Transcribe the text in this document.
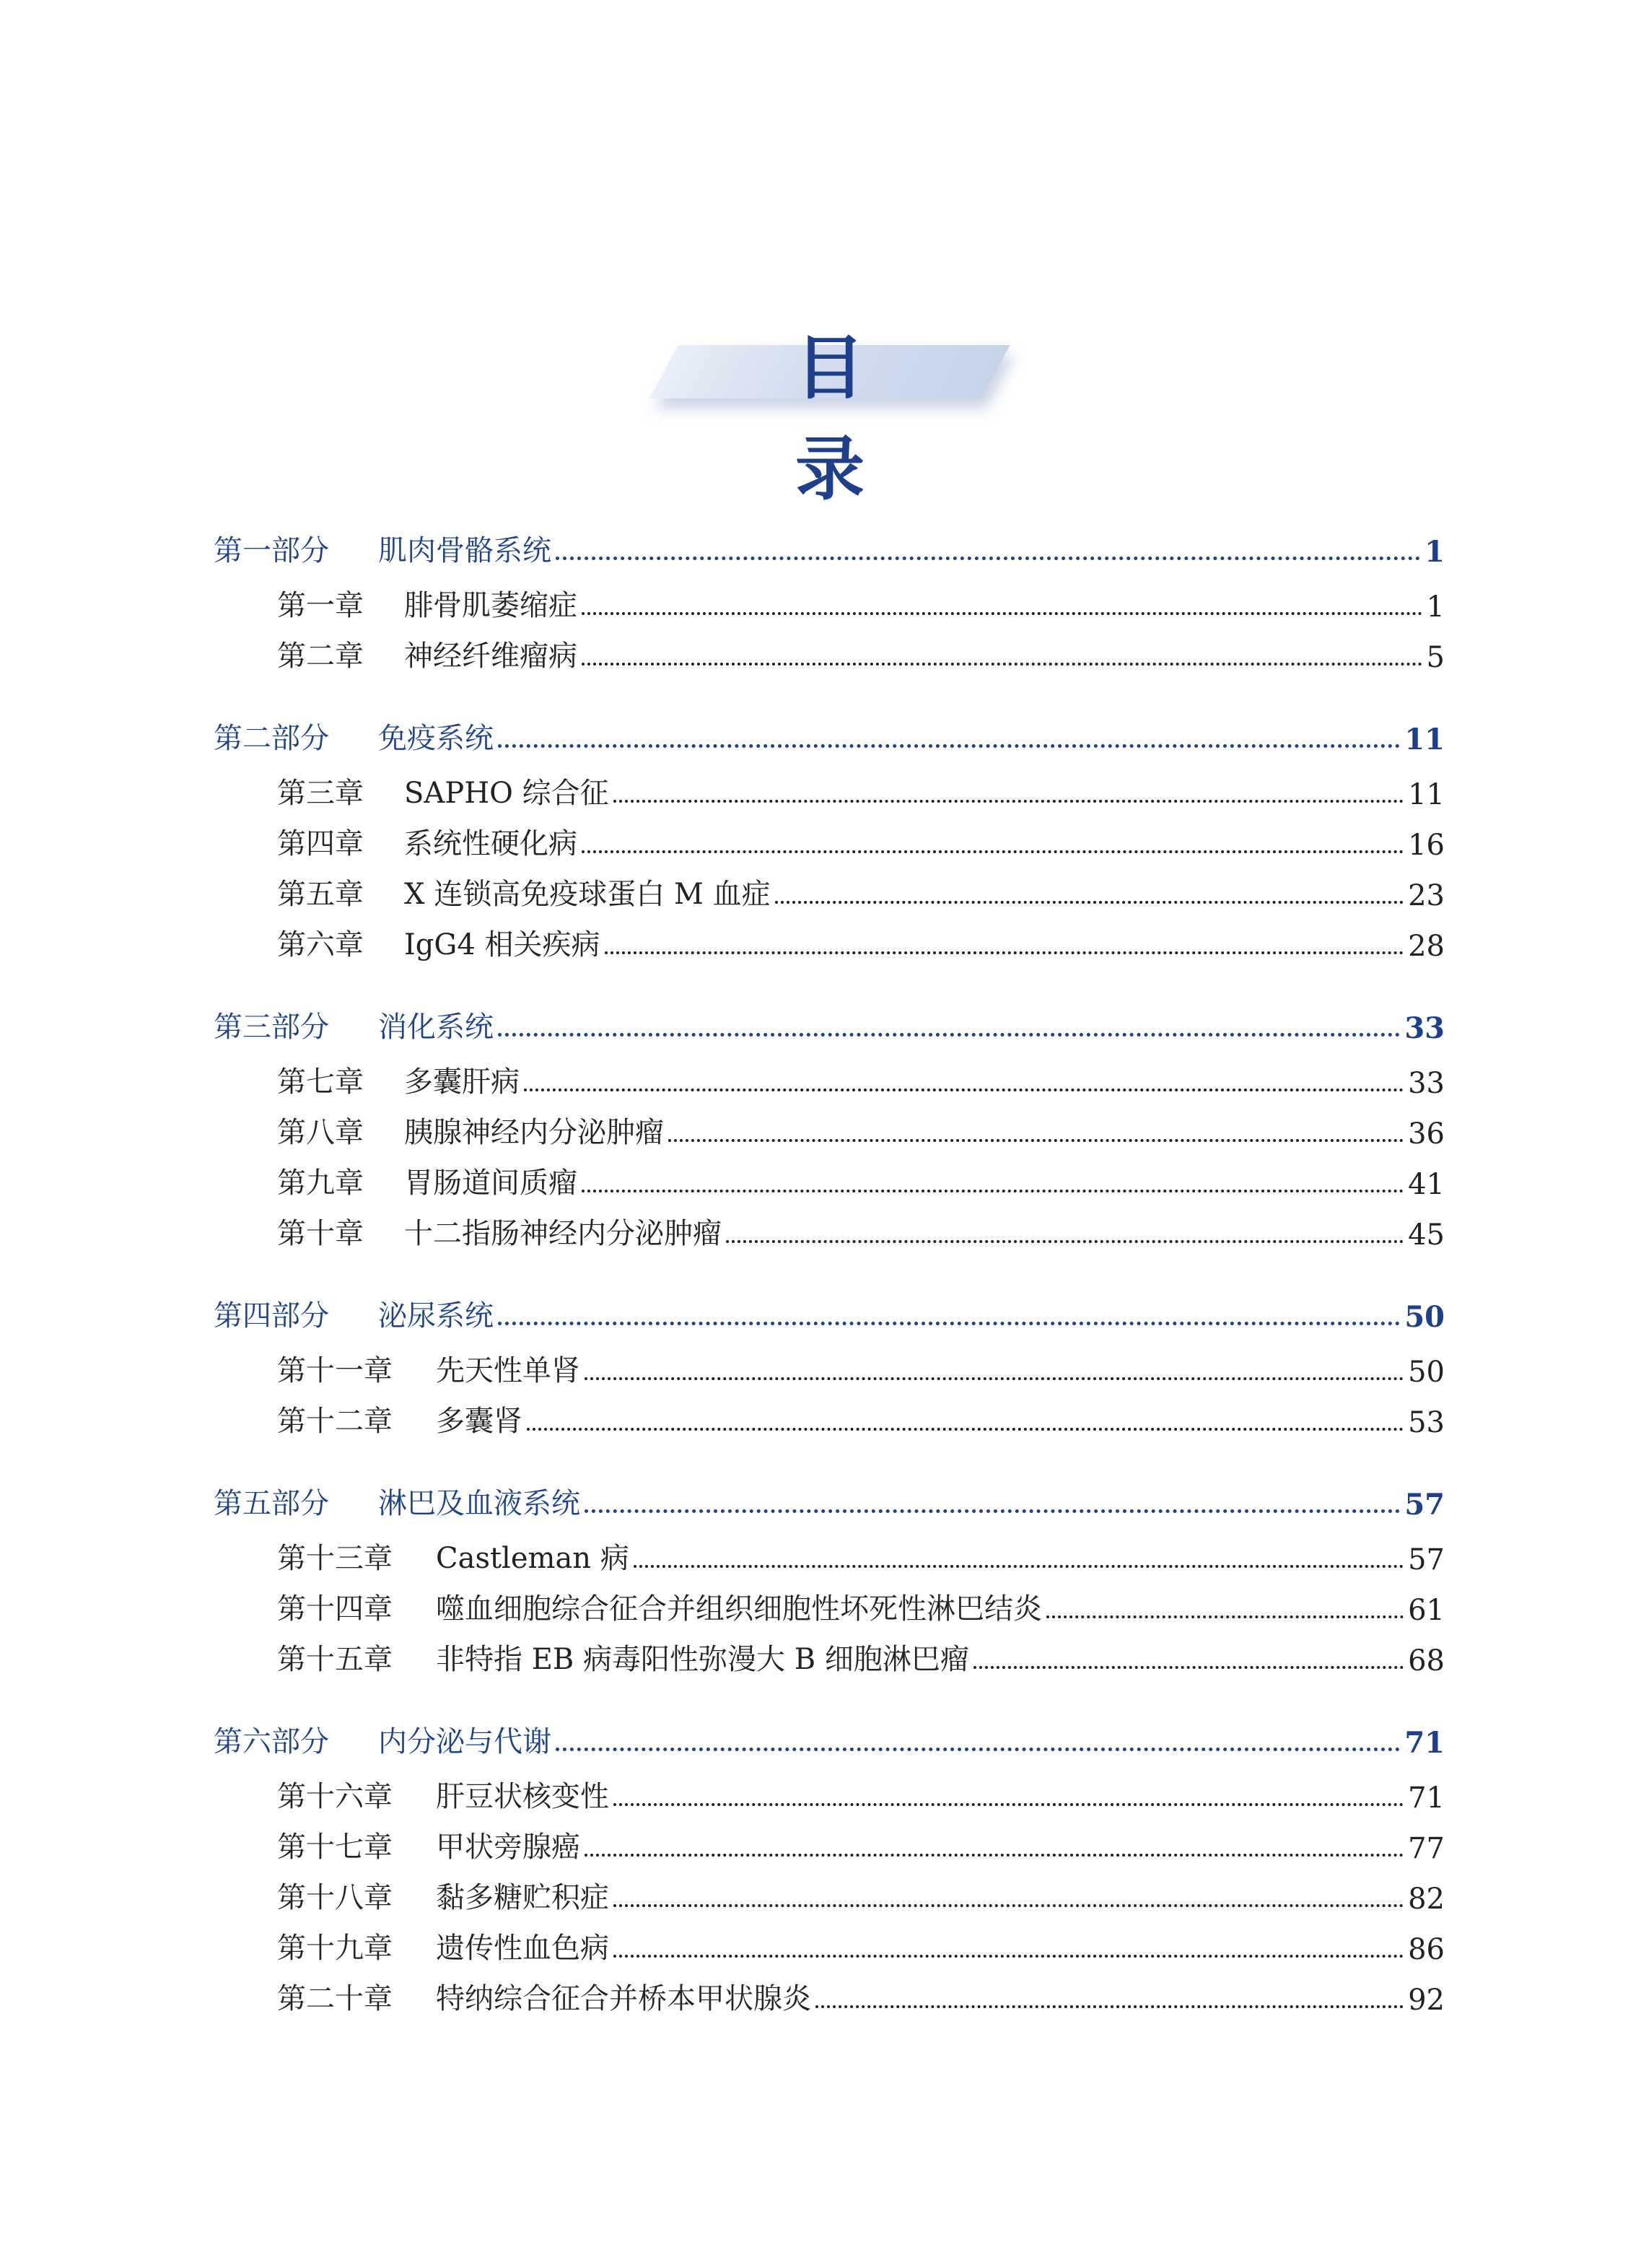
目　录
第一部分	肌肉骨骼系统	1
第一章	腓骨肌萎缩症	1
第二章	神经纤维瘤病	5
第二部分	免疫系统	11
第三章	SAPHO 综合征	11
第四章	系统性硬化病	16
第五章	X 连锁高免疫球蛋白 M 血症	23
第六章	IgG4 相关疾病	28
第三部分	消化系统	33
第七章	多囊肝病	33
第八章	胰腺神经内分泌肿瘤	36
第九章	胃肠道间质瘤	41
第十章	十二指肠神经内分泌肿瘤	45
第四部分	泌尿系统	50
第十一章	先天性单肾	50
第十二章	多囊肾	53
第五部分	淋巴及血液系统	57
第十三章	Castleman 病	57
第十四章	噬血细胞综合征合并组织细胞性坏死性淋巴结炎	61
第十五章	非特指 EB 病毒阳性弥漫大 B 细胞淋巴瘤	68
第六部分	内分泌与代谢	71
第十六章	肝豆状核变性	71
第十七章	甲状旁腺癌	77
第十八章	黏多糖贮积症	82
第十九章	遗传性血色病	86
第二十章	特纳综合征合并桥本甲状腺炎	92
